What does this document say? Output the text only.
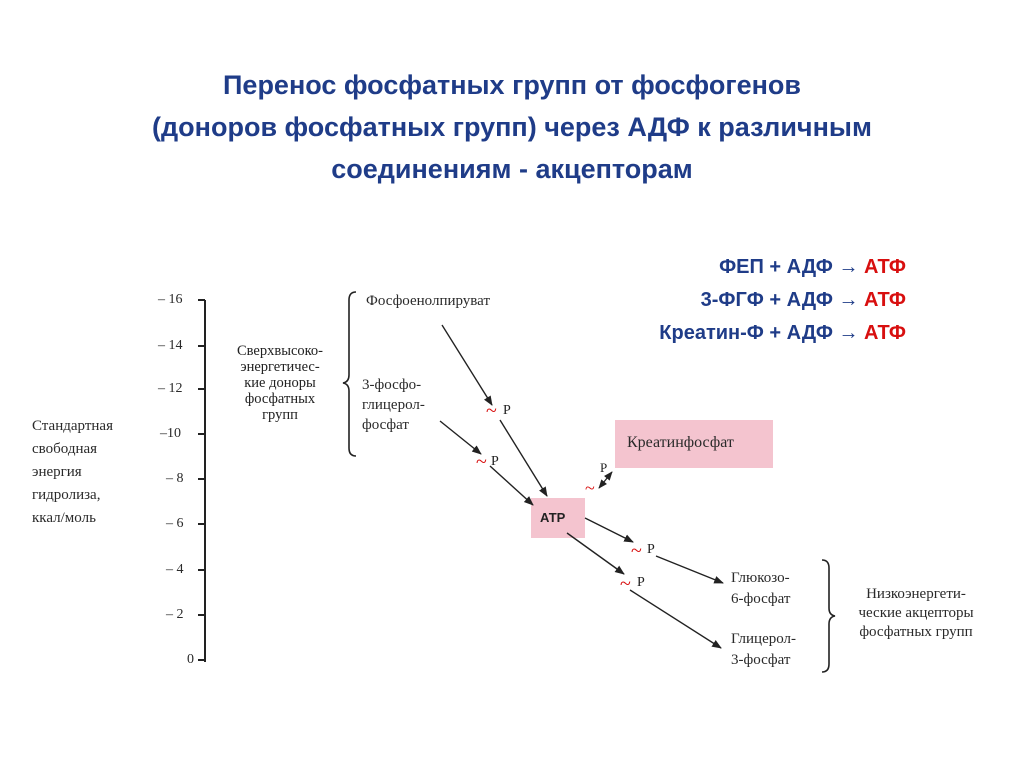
Перенос фосфатных групп от фосфогенов
(доноров фосфатных групп) через АДФ к различным
соединениям - акцепторам
ФЕП + АДФ → АТФ
3-ФГФ + АДФ → АТФ
Креатин-Ф + АДФ → АТФ
~ P
~ P
~ P
~ P
~
P
Стандартная
свободная
энергия
гидролиза,
ккал/моль
– 16
– 14
– 12
–10
– 8
– 6
– 4
– 2
0
Сверхвысоко-
энергетичес-
кие доноры
фосфатных
групп
Фосфоенолпируват
3-фосфо-
глицерол-
фосфат
Креатинфосфат
АТР
Глюкозо-
6-фосфат
Глицерол-
3-фосфат
Низкоэнергети-
ческие акцепторы
фосфатных групп
